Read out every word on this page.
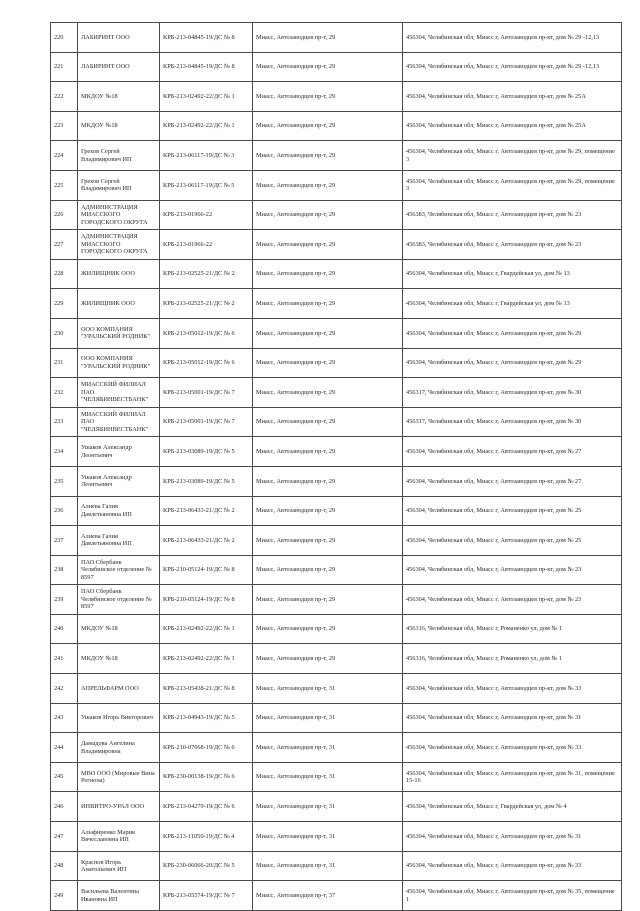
220	ЛАБИРИНТ ООО	КРБ-213-04845-19/ДС № 8	Миасс, Автозаводцев пр-т, 29	456304, Челябинская обл, Миасс г, Автозаводцев пр-кт, дом № 29 -12,13
221	ЛАБИРИНТ ООО	КРБ-213-04845-19/ДС № 8	Миасс, Автозаводцев пр-т, 29	456304, Челябинская обл, Миасс г, Автозаводцев пр-кт, дом № 29 -12,13
222	МКДОУ №18	КРБ-213-02492-22/ДС № 1	Миасс, Автозаводцев пр-т, 29	456304, Челябинская обл, Миасс г, Автозаводцев пр-кт, дом № 25А
223	МКДОУ №18	КРБ-213-02492-22/ДС № 1	Миасс, Автозаводцев пр-т, 29	456304, Челябинская обл, Миасс г, Автозаводцев пр-кт, дом № 25А
224	Грехов Сергей Владимирович ИП	КРБ-213-06117-19/ДС № 3	Миасс, Автозаводцев пр-т, 29	456304, Челябинская обл, Миасс г, Автозаводцев пр-кт, дом № 29, помещение 3
225	Грехов Сергей Владимирович ИП	КРБ-213-06117-19/ДС № 5	Миасс, Автозаводцев пр-т, 29	456304, Челябинская обл, Миасс г, Автозаводцев пр-кт, дом № 29, помещение 3
226	АДМИНИСТРАЦИЯ МИАССКОГО ГОРОДСКОГО ОКРУГА	КРБ-213-01966-22	Миасс, Автозаводцев пр-т, 29	456383, Челябинская обл, Миасс г, Автозаводцев пр-кт, дом № 23
227	АДМИНИСТРАЦИЯ МИАССКОГО ГОРОДСКОГО ОКРУГА	КРБ-213-01966-22	Миасс, Автозаводцев пр-т, 29	456383, Челябинская обл, Миасс г, Автозаводцев пр-кт, дом № 23
228	ЖИЛИЩНИК ООО	КРБ-213-02525-21/ДС № 2	Миасс, Автозаводцев пр-т, 29	456304, Челябинская обл, Миасс г, Гвардейская ул, дом № 13
229	ЖИЛИЩНИК ООО	КРБ-213-02525-21/ДС № 2	Миасс, Автозаводцев пр-т, 29	456304, Челябинская обл, Миасс г, Гвардейская ул, дом № 13
230	ООО КОМПАНИЯ "УРАЛЬСКИЙ РОДНИК"	КРБ-213-05012-19/ДС № 6	Миасс, Автозаводцев пр-т, 29	456304, Челябинская обл, Миасс г, Автозаводцев пр-кт, дом № 29
231	ООО КОМПАНИЯ "УРАЛЬСКИЙ РОДНИК"	КРБ-213-05012-19/ДС № 6	Миасс, Автозаводцев пр-т, 29	456304, Челябинская обл, Миасс г, Автозаводцев пр-кт, дом № 29
232	МИАССКИЙ ФИЛИАЛ ПАО "ЧЕЛЯБИНВЕСТБАНК"	КРБ-213-05001-19/ДС № 7	Миасс, Автозаводцев пр-т, 29	456317, Челябинская обл, Миасс г, Автозаводцев пр-кт, дом № 30
233	МИАССКИЙ ФИЛИАЛ ПАО "ЧЕЛЯБИНВЕСТБАНК"	КРБ-213-05001-19/ДС № 7	Миасс, Автозаводцев пр-т, 29	456317, Челябинская обл, Миасс г, Автозаводцев пр-кт, дом № 30
234	Ушаков Александр Леонтьевич	КРБ-213-03089-19/ДС № 5	Миасс, Автозаводцев пр-т, 29	456304, Челябинская обл, Миасс г, Автозаводцев пр-кт, дом № 27
235	Ушаков Александр Леонтьевич	КРБ-213-03089-19/ДС № 5	Миасс, Автозаводцев пр-т, 29	456304, Челябинская обл, Миасс г, Автозаводцев пр-кт, дом № 27
236	Алиева Галия Давлетьяновна ИП	КРБ-213-06433-21/ДС № 2	Миасс, Автозаводцев пр-т, 29	456304, Челябинская обл, Миасс г, Автозаводцев пр-кт, дом № 25
237	Алиева Галия Давлетьяновна ИП	КРБ-213-06433-21/ДС № 2	Миасс, Автозаводцев пр-т, 29	456304, Челябинская обл, Миасс г, Автозаводцев пр-кт, дом № 25
238	ПАО Сбербанк Челябинское отделение № 8597	КРБ-210-05124-19/ДС № 8	Миасс, Автозаводцев пр-т, 29	456304, Челябинская обл, Миасс г, Автозаводцев пр-кт, дом № 23
239	ПАО Сбербанк Челябинское отделение № 8597	КРБ-210-05124-19/ДС № 8	Миасс, Автозаводцев пр-т, 29	456304, Челябинская обл, Миасс г, Автозаводцев пр-кт, дом № 23
240	МКДОУ №18	КРБ-213-02492-22/ДС № 1	Миасс, Автозаводцев пр-т, 29	456316, Челябинская обл, Миасс г, Романенко ул, дом № 1
241	МКДОУ №18	КРБ-213-02492-22/ДС № 1	Миасс, Автозаводцев пр-т, 29	456316, Челябинская обл, Миасс г, Романенко ул, дом № 1
242	АПРЕЛЬФАРМ ООО	КРБ-213-05438-21/ДС № 8	Миасс, Автозаводцев пр-т, 31	456304, Челябинская обл, Миасс г, Автозаводцев пр-кт, дом № 33
243	Ушаков Игорь Викторович	КРБ-213-04943-19/ДС № 5	Миасс, Автозаводцев пр-т, 31	456304, Челябинская обл, Миасс г, Автозаводцев пр-кт, дом № 31
244	Давыдова Ангелина Владимировна	КРБ-210-07668-19/ДС № 6	Миасс, Автозаводцев пр-т, 31	456304, Челябинская обл, Миасс г, Автозаводцев пр-кт, дом № 33
245	МВО ООО (Мировые Вина Региона)	КРБ-230-00138-19/ДС № 6	Миасс, Автозаводцев пр-т, 31	456304, Челябинская обл, Миасс г, Автозаводцев пр-кт, дом № 31, помещение 15-16
246	ИНВИТРО-УРАЛ ООО	КРБ-213-04279-19/ДС № 6	Миасс, Автозаводцев пр-т, 31	456304, Челябинская обл, Миасс г, Гвардейская ул, дом № 4
247	Алыфиренко Мария Вячеславовна ИП	КРБ-213-11050-19/ДС № 4	Миасс, Автозаводцев пр-т, 31	456304, Челябинская обл, Миасс г, Автозаводцев пр-кт, дом № 31
248	Краснов Игорь Анатольевич ИП	КРБ-230-06066-20/ДС № 5	Миасс, Автозаводцев пр-т, 31	456304, Челябинская обл, Миасс г, Автозаводцев пр-кт, дом № 33
249	Васильева Валентина Ивановна ИП	КРБ-213-05574-19/ДС № 7	Миасс, Автозаводцев пр-т, 37	456304, Челябинская обл, Миасс г, Автозаводцев пр-кт, дом № 35, помещение 1
